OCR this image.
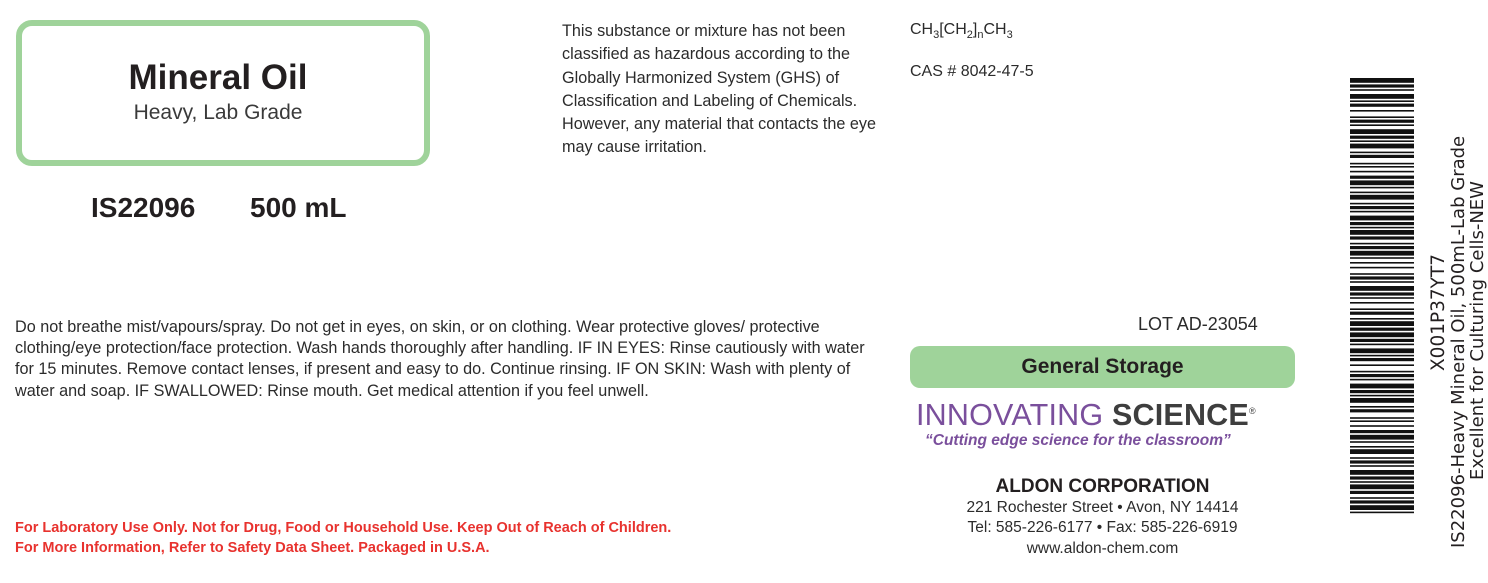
Mineral Oil
Heavy, Lab Grade
IS22096 500 mL
This substance or mixture has not been classified as hazardous according to the Globally Harmonized System (GHS) of Classification and Labeling of Chemicals. However, any material that contacts the eye may cause irritation.
$CH_3[CH_2]_nCH_3$
CAS # 8042-47-5
Do not breathe mist/vapours/spray. Do not get in eyes, on skin, or on clothing. Wear protective gloves/ protective clothing/eye protection/face protection. Wash hands thoroughly after handling. IF IN EYES: Rinse cautiously with water for 15 minutes. Remove contact lenses, if present and easy to do. Continue rinsing. IF ON SKIN: Wash with plenty of water and soap. IF SWALLOWED: Rinse mouth. Get medical attention if you feel unwell.
LOT AD-23054
General Storage
INNOVATING SCIENCE®
“Cutting edge science for the classroom”
ALDON CORPORATION
221 Rochester Street • Avon, NY 14414
Tel: 585-226-6177 • Fax: 585-226-6919
www.aldon-chem.com
For Laboratory Use Only. Not for Drug, Food or Household Use. Keep Out of Reach of Children.
For More Information, Refer to Safety Data Sheet. Packaged in U.S.A.
X001P37YT7 IS22096-Heavy Mineral Oil, 500mL-Lab Grade
Excellent for Culturing Cells-NEW
